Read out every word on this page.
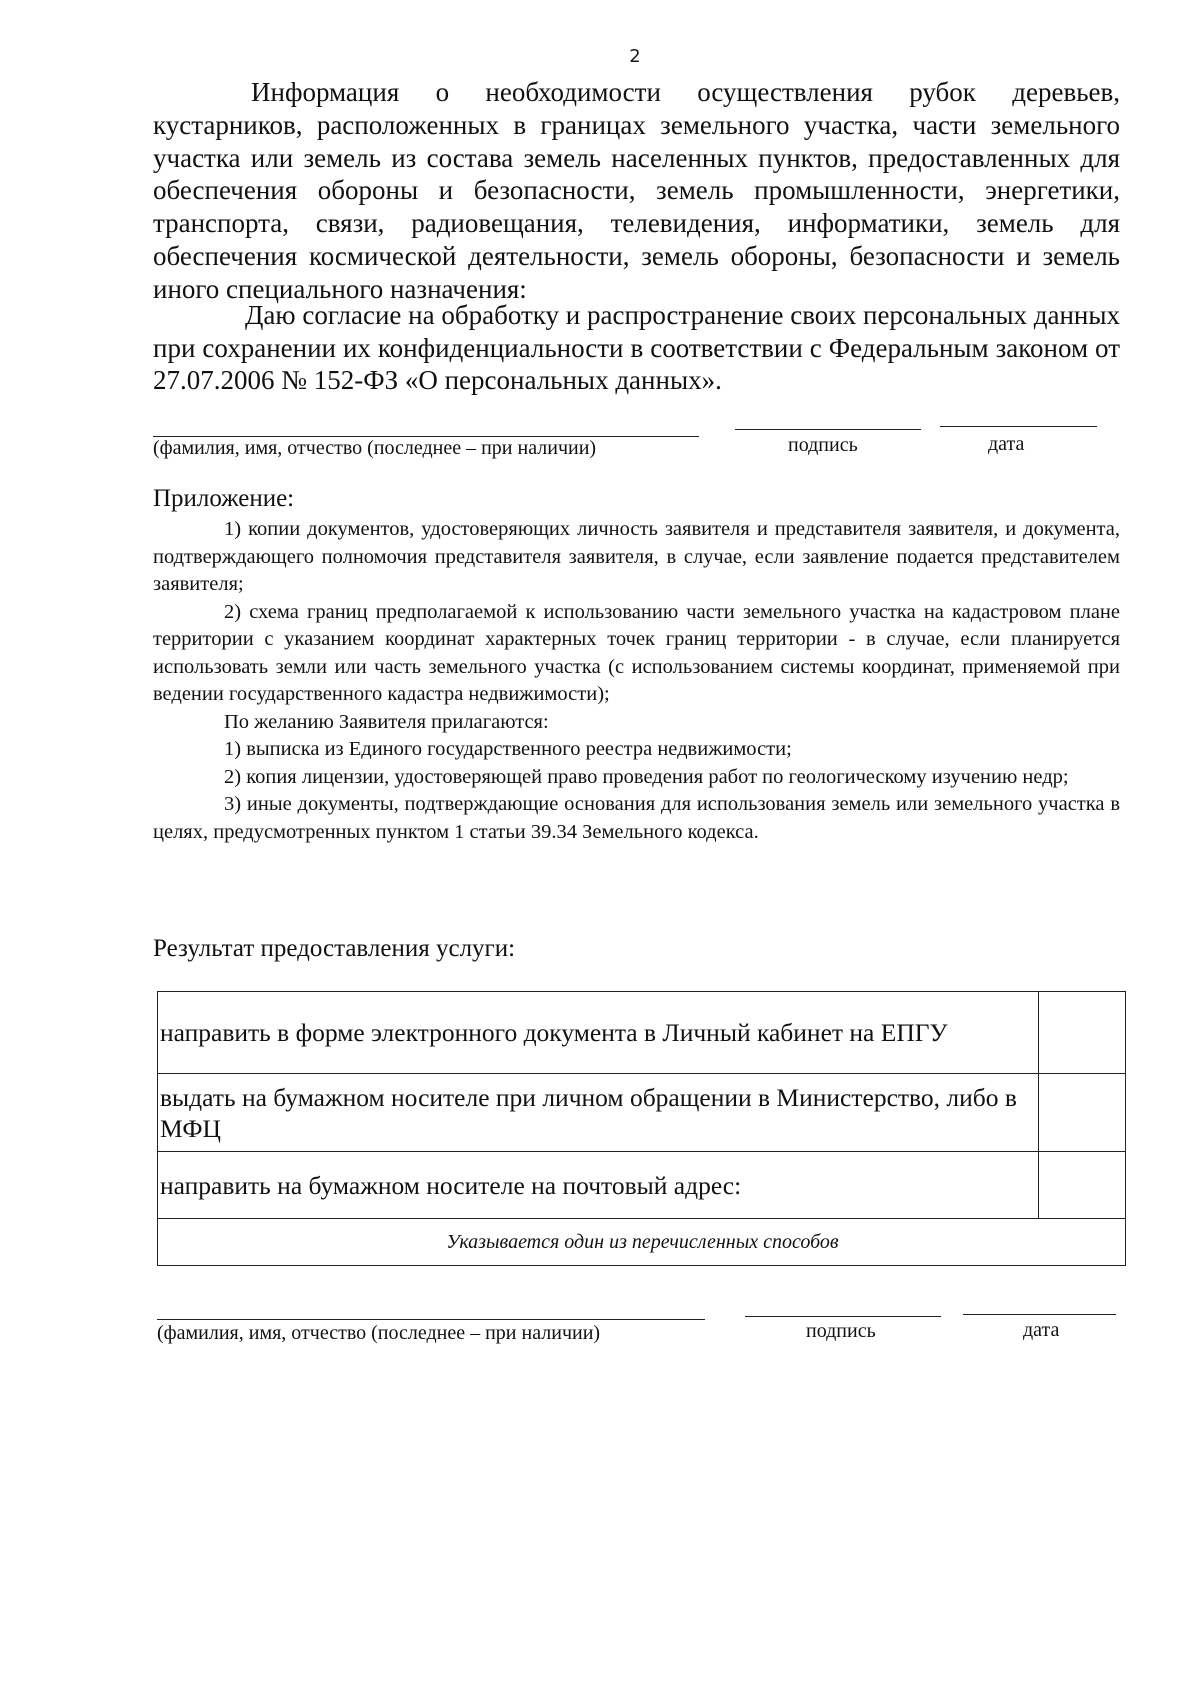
2
Информация о необходимости осуществления рубок деревьев, кустарников, расположенных в границах земельного участка, части земельного участка или земель из состава земель населенных пунктов, предоставленных для обеспечения обороны и безопасности, земель промышленности, энергетики, транспорта, связи, радиовещания, телевидения, информатики, земель для обеспечения космической деятельности, земель обороны, безопасности и земель иного специального назначения:
Даю согласие на обработку и распространение своих персональных данных при сохранении их конфиденциальности в соответствии с Федеральным законом от 27.07.2006 № 152-ФЗ «О персональных данных».
(фамилия, имя, отчество (последнее – при наличии)	подпись	дата
Приложение:

1) копии документов, удостоверяющих личность заявителя и представителя заявителя, и документа, подтверждающего полномочия представителя заявителя, в случае, если заявление подается представителем заявителя;

2) схема границ предполагаемой к использованию части земельного участка на кадастровом плане территории с указанием координат характерных точек границ территории - в случае, если планируется использовать земли или часть земельного участка (с использованием системы координат, применяемой при ведении государственного кадастра недвижимости);

По желанию Заявителя прилагаются:

1) выписка из Единого государственного реестра недвижимости;

2) копия лицензии, удостоверяющей право проведения работ по геологическому изучению недр;

3) иные документы, подтверждающие основания для использования земель или земельного участка в целях, предусмотренных пунктом 1 статьи 39.34 Земельного кодекса.

Результат предоставления услуги:
направить в форме электронного документа в Личный кабинет на ЕПГУ	

выдать на бумажном носителе при личном обращении в Министерство, либо в МФЦ	

направить на бумажном носителе на почтовый адрес:	
Указывается один из перечисленных способов	
(фамилия, имя, отчество (последнее – при наличии)	подпись	дата
